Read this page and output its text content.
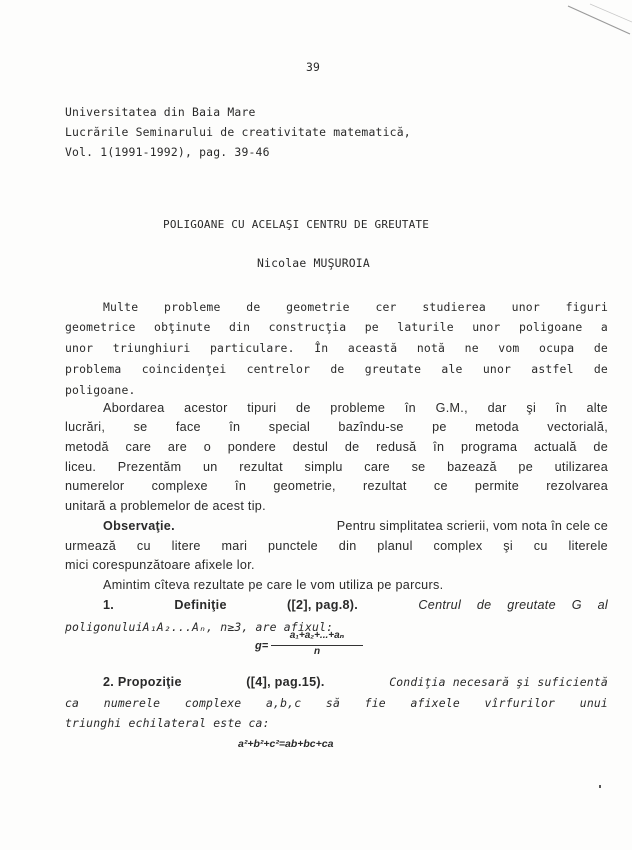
39
Universitatea din Baia Mare
Lucrările Seminarului de creativitate matematică,
Vol. 1(1991-1992), pag. 39-46
POLIGOANE CU ACELAŞI CENTRU DE GREUTATE
Nicolae MUŞUROIA
Multe probleme de geometrie cer studierea unor figuri
geometrice obţinute din construcţia pe laturile unor poligoane a
unor triunghiuri particulare. În această notă ne vom ocupa de
problema coincidenţei centrelor de greutate ale unor astfel de
poligoane.
Abordarea acestor tipuri de probleme în G.M., dar şi în alte
lucrări, se face în special bazîndu-se pe metoda vectorială,
metodă care are o pondere destul de redusă în programa actuală de
liceu. Prezentăm un rezultat simplu care se bazează pe utilizarea
numerelor complexe în geometrie, rezultat ce permite rezolvarea
unitară a problemelor de acest tip.
Observaţie.	Pentru simplitatea scrierii, vom nota în cele ce
urmează cu litere mari punctele din planul complex şi cu literele
mici corespunzătoare afixele lor.
Amintim cîteva rezultate pe care le vom utiliza pe parcurs.
1.	Definiţie	([2], pag.8).	Centrul de greutate G al
poligonuluiA₁A₂...Aₙ, n≥3, are afixul:
g=
a₁+a₂+...+aₙ
n
2. Propoziţie	([4], pag.15).	Condiţia necesară şi suficientă
ca numerele complexe a,b,c să fie afixele vîrfurilor unui
triunghi echilateral este ca:
a²+b²+c²=ab+bc+ca
